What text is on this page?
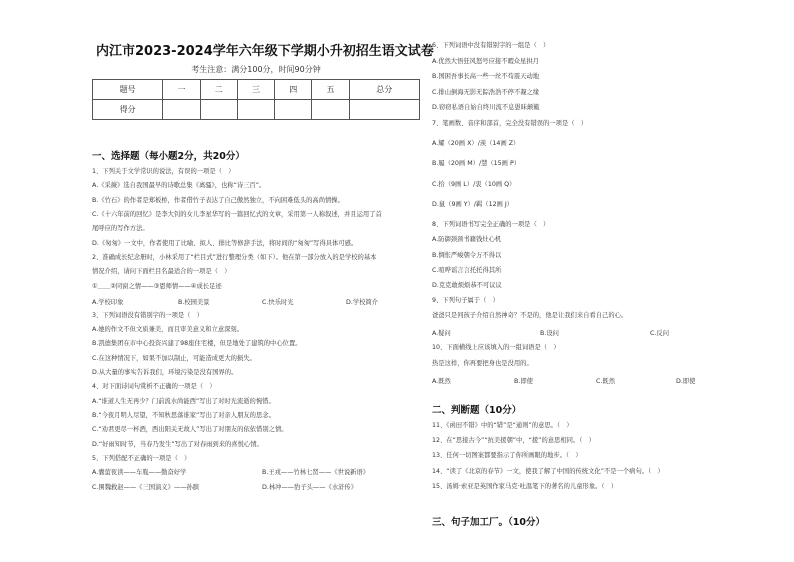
内江市2023-2024学年六年级下学期小升初招生语文试卷
考生注意：满分100分，时间90分钟
题号	一	二	三	四	五	总分
得分						
一、选择题（每小题2分，共20分）
1、下列关于文学常识的说法，有误的一项是（　）
A.《采薇》选自我国最早的诗歌总集《离骚》，也称“诗三百”。
B.《竹石》的作者是郑板桥，作者借竹子表达了自己傲然独立，不向困难低头的高尚情操。
C.《十六年前的回忆》是李大钊的女儿李星华写的一篇回忆式的文章，采用第一人称叙述，并且运用了首
尾呼应的写作方法。
D.《匆匆》一文中，作者使用了比喻、拟人、排比等修辞手法，将时间的“匆匆”写得具体可感。
2、准确成长纪念册时，小林采用了“栏目式”进行整理分类（如下）。他在第一部分放入的是学校的基本
情况介绍，请问下面栏目名最适合的一项是（　）
①＿＿②同窗之情——③恩师情——④成长足迹
A.学校印象	B.校园美景	C.快乐时光	D.学校简介
3、下列词语没有错别字的一项是（　）
A.她的作文不但文质兼美，而且审美意义和立意深刻。
B.凯德集团在市中心投资兴建了98座住宅楼，但是地处了建筑的中心位置。
C.在这种情况下，如果不加以制止，可能造成更大的损失。
D.从大量的事实告诉我们，环境污染是没有国界的。
4、对下面诗词句赏析不正确的一项是（　）
A.“谁道人生无再少？门前流水尚能西”写出了对时光流逝的惋惜。
B.“今夜月明人尽望，不知秋思落谁家”写出了对亲人朋友的思念。
C.“劝君更尽一杯酒，西出阳关无故人”写出了对朋友的依依惜别之情。
D.“好雨知时节，当春乃发生”写出了对春雨到来的喜悦心情。
5、下列搭配不正确的一项是（　）
A.囊萤夜读——车胤——勤奋好学
C.围魏救赵——《三国演义》——孙膑
B.王戎——竹林七贤——《世说新语》
D.林冲——豹子头——《水浒传》
6、下列词语中没有错别字的一组是（　）
A.优然大悟狂风怒号应接不暇众星拱月
B.国困吾事长高一些一丝不苟震天动地
C.排山倒海无影无踪浩浩不停不凝之缘
D.窃窃私语自始自终川流不息愚昧颠簸
7、笔画数、音序和部首，完全没有错误的一项是（　）
A.耀（20画 X）/羡（14画 Z）
B.履（20画 M）/慧（15画 P）
C.拾（9画 L）/衷（10画 Q）
D.鼠（9画 Y）/羁（12画 J）
8、下列词语书写完全正确的一项是（　）
A.防御颈颈书籍钱灶心机
B.惆怅严峻朝令万不得以
C.喧哗谣言言托托得其所
D.克克敢烦烦恭不可议议
9、下列句子属于（　）
爸爸只是冋孩子介绍自然神奇？不是的，他是让我们来自看自己的心。
A.疑问	B.设问	C.反问
10、下面横线上应该填入的一组词语是（　）
热是这样，你再要把身也是没用的。
A.既然	B.即使	C.既然	D.即使
二、判断题（10分）
11、《函田不错》中的“错”是“通则”的意思。（　）
12、在“思接古今”“抗美援朝”中，“援”的意思相同。（　）
13、任何一切图案都要指示了你所画眼的地步。（　）
14、“读了《北京的春节》一文，使我了解了中国的传统文化”不是一个病句。（　）
15、汤姆·索亚是英国作家马克·吐温笔下的著名的儿童形象。（　）
三、句子加工厂。（10分）
